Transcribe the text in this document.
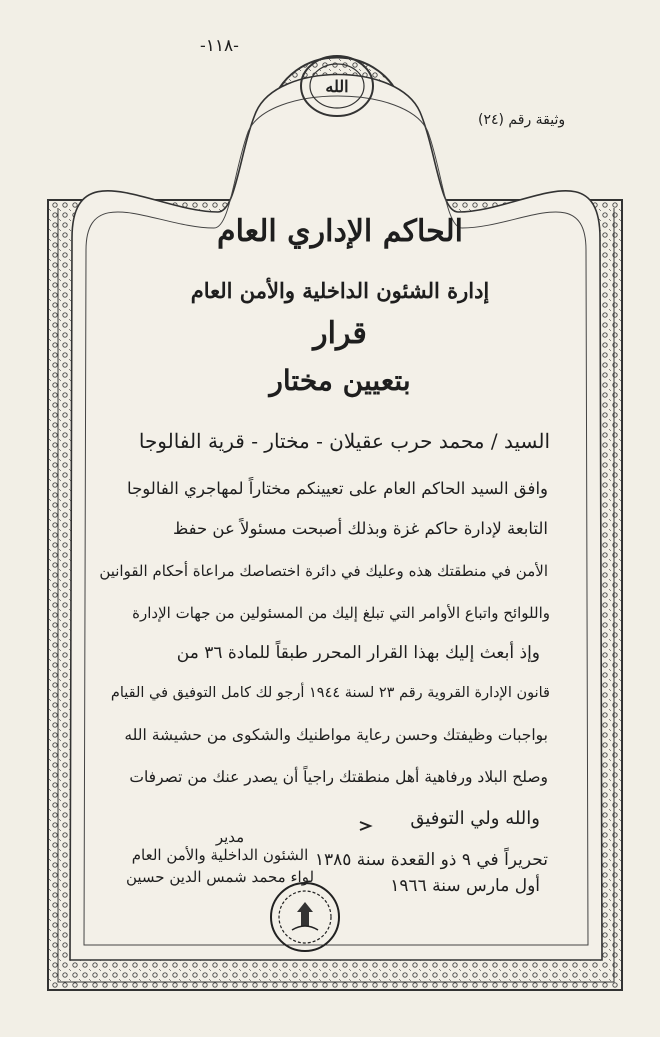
-١١٨-
وثيقة رقم (٢٤)
الله
الحاكم الإداري العام
إدارة الشئون الداخلية والأمن العام
قرار
بتعيين مختار
السيد / محمد حرب عقيلان - مختار - قرية الفالوجا
وافق السيد الحاكم العام على تعيينكم مختاراً لمهاجري الفالوجا
التابعة لإدارة حاكم غزة وبذلك أصبحت مسئولاً عن حفظ
الأمن في منطقتك هذه وعليك في دائرة اختصاصك مراعاة أحكام القوانين
واللوائح واتباع الأوامر التي تبلغ إليك من المسئولين من جهات الإدارة
وإذ أبعث إليك بهذا القرار المحرر طبقاً للمادة ٣٦ من
قانون الإدارة القروية رقم ٢٣ لسنة ١٩٤٤ أرجو لك كامل التوفيق في القيام
بواجبات وظيفتك وحسن رعاية مواطنيك والشكوى من حشيشة الله
وصلح البلاد ورفاهية أهل منطقتك راجياً أن يصدر عنك من تصرفات
والله ولي التوفيق
مدير
الشئون الداخلية والأمن العام
لواء محمد شمس الدين حسين
تحريراً في ٩ ذو القعدة سنة ١٣٨٥
أول مارس سنة ١٩٦٦
